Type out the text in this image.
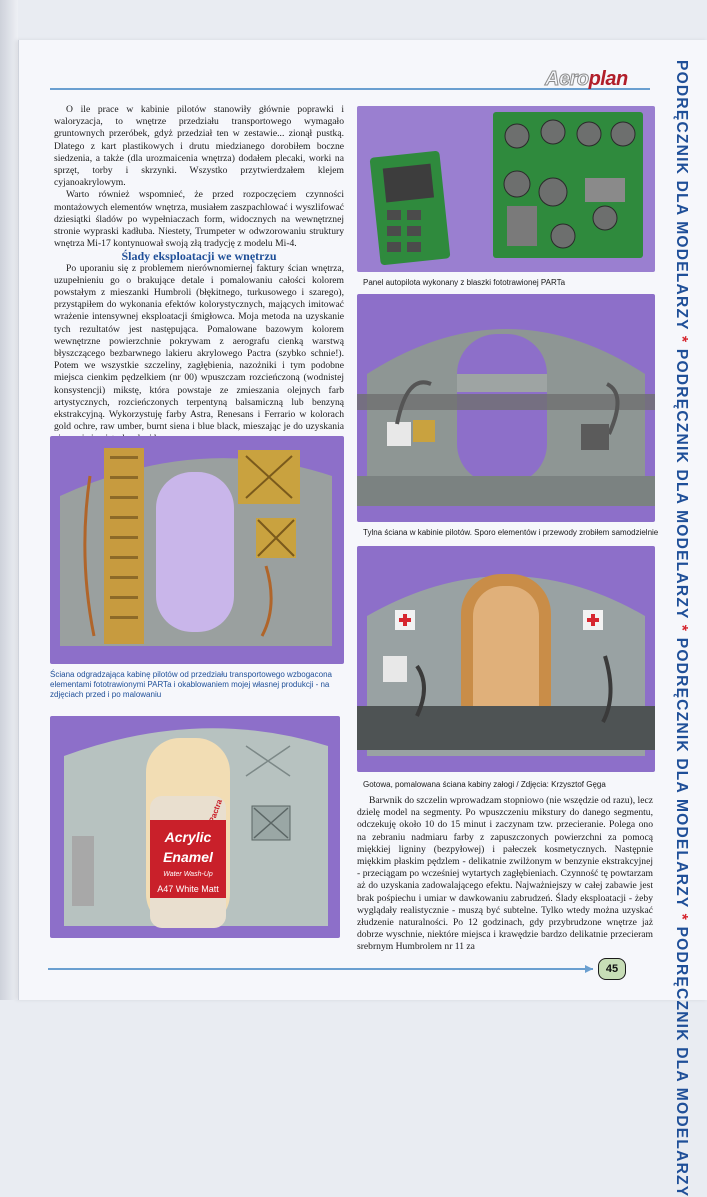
Aeroplan	PODRĘCZNIK DLA MODELARZY * PODRĘCZNIK DLA MODELARZY * PODRĘCZNIK DLA MODELARZY * PODRĘCZNIK DLA MODELARZY

O ile prace w kabinie pilotów stanowiły głównie poprawki i waloryzacja, to wnętrze przedziału transportowego wymagało gruntownych przeróbek, gdyż przedział ten w zestawie... zionął pustką. Dlatego z kart plastikowych i drutu miedzianego dorobiłem boczne siedzenia, a także (dla urozmaicenia wnętrza) dodałem plecaki, worki na sprzęt, torby i skrzynki. Wszystko przytwierdzałem klejem cyjanoakrylowym.

Warto również wspomnieć, że przed rozpoczęciem czynności montażowych elementów wnętrza, musiałem zaszpachlować i wyszlifować dziesiątki śladów po wypełniaczach form, widocznych na wewnętrznej stronie wypraski kadłuba. Niestety, Trumpeter w odwzorowaniu struktury wnętrza Mi-17 kontynuował swoją złą tradycję z modelu Mi-4.

Ślady eksploatacji we wnętrzu

Po uporaniu się z problemem nierównomiernej faktury ścian wnętrza, uzupełnieniu go o brakujące detale i pomalowaniu całości kolorem powstałym z mieszanki Humbroli (błękitnego, turkusowego i szarego), przystąpiłem do wykonania efektów kolorystycznych, mających imitować wrażenie intensywnej eksploatacji śmigłowca. Moja metoda na uzyskanie tych rezultatów jest następująca. Pomalowane bazowym kolorem wewnętrzne powierzchnie pokrywam z aerografu cienką warstwą błyszczącego bezbarwnego lakieru akrylowego Pactra (szybko schnie!). Potem we wszystkie szczeliny, zagłębienia, nazożniki i tym podobne miejsca cienkim pędzelkiem (nr 00) wpuszczam rozcieńczoną (wodnistej konsystencji) mikstę, która powstaje ze zmieszania olejnych farb artystycznych, rozcieńczonych terpentyną balsamiczną lub benzyną ekstrakcyjną. Wykorzystuję farby Astra, Renesans i Ferrario w kolorach gold ochre, raw umber, burnt siena i blue black, mieszając je do uzyskania

Panel autopilota wykonany z blaszki fototrawionej PARTa
Tylna ściana w kabinie pilotów. Sporo elementów i przewody zrobiłem samodzielnie
Ściana odgradzająca kabinę pilotów od przedziału transportowego wzbogacona elementami fototrawionymi PARTa i okablowaniem mojej własnej produkcji - na zdjęciach przed i po malowaniu
Acrylic
Enamel
Water Wash-Up
A47 White Matt
Pactra
Gotowa, pomalowana ściana kabiny załogi / Zdjęcia: Krzysztof Gęga

Barwnik do szczelin wprowadzam stopniowo (nie wszędzie od razu), lecz dzielę model na segmenty. Po wpuszczeniu mikstury do danego segmentu, odczekuję około 10 do 15 minut i zaczynam tzw. przecieranie. Polega ono na zebraniu nadmiaru farby z zapuszczonych powierzchni za pomocą miękkiej ligniny (bezpyłowej) i pałeczek kosmetycznych. Następnie miękkim płaskim pędzlem - delikatnie zwilżonym w benzynie ekstrakcyjnej - przeciągam po wcześniej wytartych zagłębieniach. Czynność tę powtarzam aż do uzyskania zadowalającego efektu. Najważniejszy w całej zabawie jest brak pośpiechu i umiar w dawkowaniu zabrudzeń. Ślady eksploatacji - żeby wyglądały realistycznie - muszą być subtelne. Tylko wtedy można uzyskać złudzenie naturalności. Po 12 godzinach, gdy przybrudzone wnętrze jaż dobrze wyschnie, niektóre miejsca i krawędzie bardzo delikatnie przecieram srebrnym Humbrolem nr 11 za

45
